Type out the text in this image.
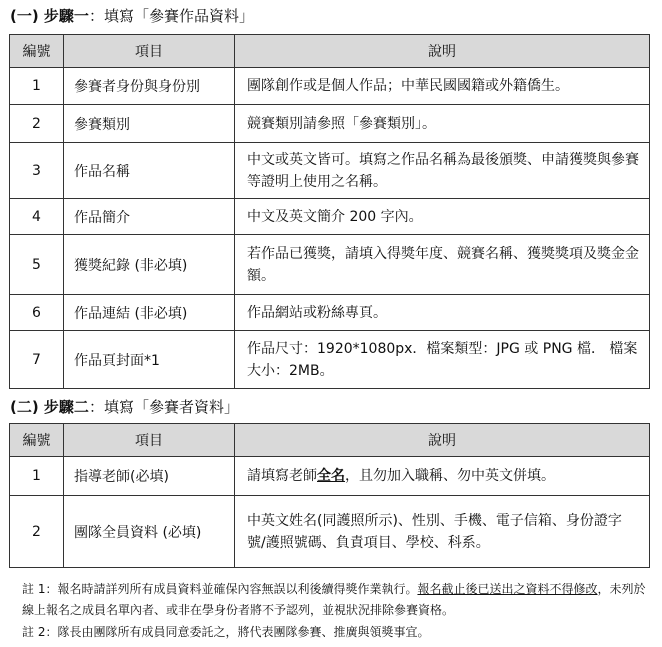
(一) 步驟一：填寫「參賽作品資料」
編號	項目	說明
1	參賽者身份與身份別	團隊創作或是個人作品；中華民國國籍或外籍僑生。
2	參賽類別	競賽類別請參照「參賽類別」。
3	作品名稱	中文或英文皆可。填寫之作品名稱為最後頒獎、申請獲獎與參賽等證明上使用之名稱。
4	作品簡介	中文及英文簡介 200 字內。
5	獲獎紀錄 (非必填)	若作品已獲獎，請填入得獎年度、競賽名稱、獲獎獎項及獎金金額。
6	作品連結 (非必填)	作品網站或粉絲專頁。
7	作品頁封面*1	作品尺寸：1920*1080px．檔案類型：JPG 或 PNG 檔． 檔案大小：2MB。
(二) 步驟二：填寫「參賽者資料」
編號	項目	說明
1	指導老師(必填)	請填寫老師全名，且勿加入職稱、勿中英文併填。
2	團隊全員資料 (必填)	中英文姓名(同護照所示)、性別、手機、電子信箱、身份證字號/護照號碼、負責項目、學校、科系。
註 1：報名時請詳列所有成員資料並確保內容無誤以利後續得獎作業執行。報名截止後已送出之資料不得修改，未列於線上報名之成員名單內者、或非在學身份者將不予認列，並視狀況排除參賽資格。
註 2：隊長由團隊所有成員同意委託之，將代表團隊參賽、推廣與領獎事宜。
